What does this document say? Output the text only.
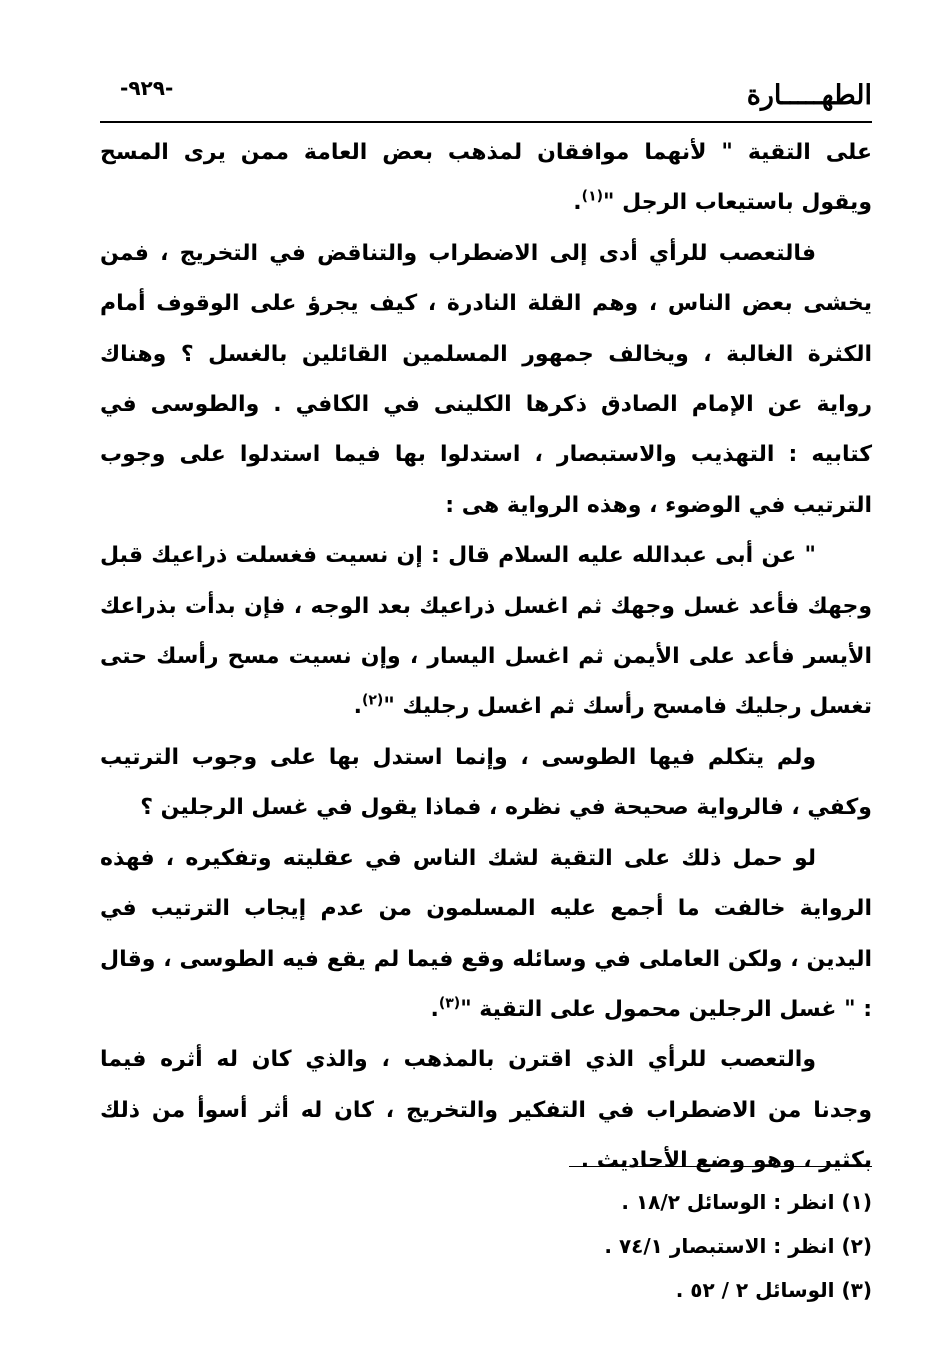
الطهـــــارة
-٩٢٩-

على التقية " لأنهما موافقان لمذهب بعض العامة ممن يرى المسح ويقول باستيعاب الرجل "$^{(١)}$.

فالتعصب للرأي أدى إلى الاضطراب والتناقض في التخريج ، فمن يخشى بعض الناس ، وهم القلة النادرة ، كيف يجرؤ على الوقوف أمام الكثرة الغالبة ، ويخالف جمهور المسلمين القائلين بالغسل ؟ وهناك رواية عن الإمام الصادق ذكرها الكلينى في الكافي . والطوسى في كتابيه : التهذيب والاستبصار ، استدلوا بها فيما استدلوا على وجوب الترتيب في الوضوء ، وهذه الرواية هى :

" عن أبى عبدالله عليه السلام قال : إن نسيت فغسلت ذراعيك قبل وجهك فأعد غسل وجهك ثم اغسل ذراعيك بعد الوجه ، فإن بدأت بذراعك الأيسر فأعد على الأيمن ثم اغسل اليسار ، وإن نسيت مسح رأسك حتى تغسل رجليك فامسح رأسك ثم اغسل رجليك "$^{(٢)}$.

ولم يتكلم فيها الطوسى ، وإنما استدل بها على وجوب الترتيب وكفي ، فالرواية صحيحة في نظره ، فماذا يقول في غسل الرجلين ؟

لو حمل ذلك على التقية لشك الناس في عقليته وتفكيره ، فهذه الرواية خالفت ما أجمع عليه المسلمون من عدم إيجاب الترتيب في اليدين ، ولكن العاملى في وسائله وقع فيما لم يقع فيه الطوسى ، وقال : " غسل الرجلين محمول على التقية "$^{(٣)}$.

والتعصب للرأي الذي اقترن بالمذهب ، والذي كان له أثره فيما وجدنا من الاضطراب في التفكير والتخريج ، كان له أثر أسوأ من ذلك بكثير ، وهو وضع الأحاديث .

(١) انظر : الوسائل ١٨/٢ .

(٢) انظر : الاستبصار ٧٤/١ .

(٣) الوسائل ٢ / ٥٢ .
